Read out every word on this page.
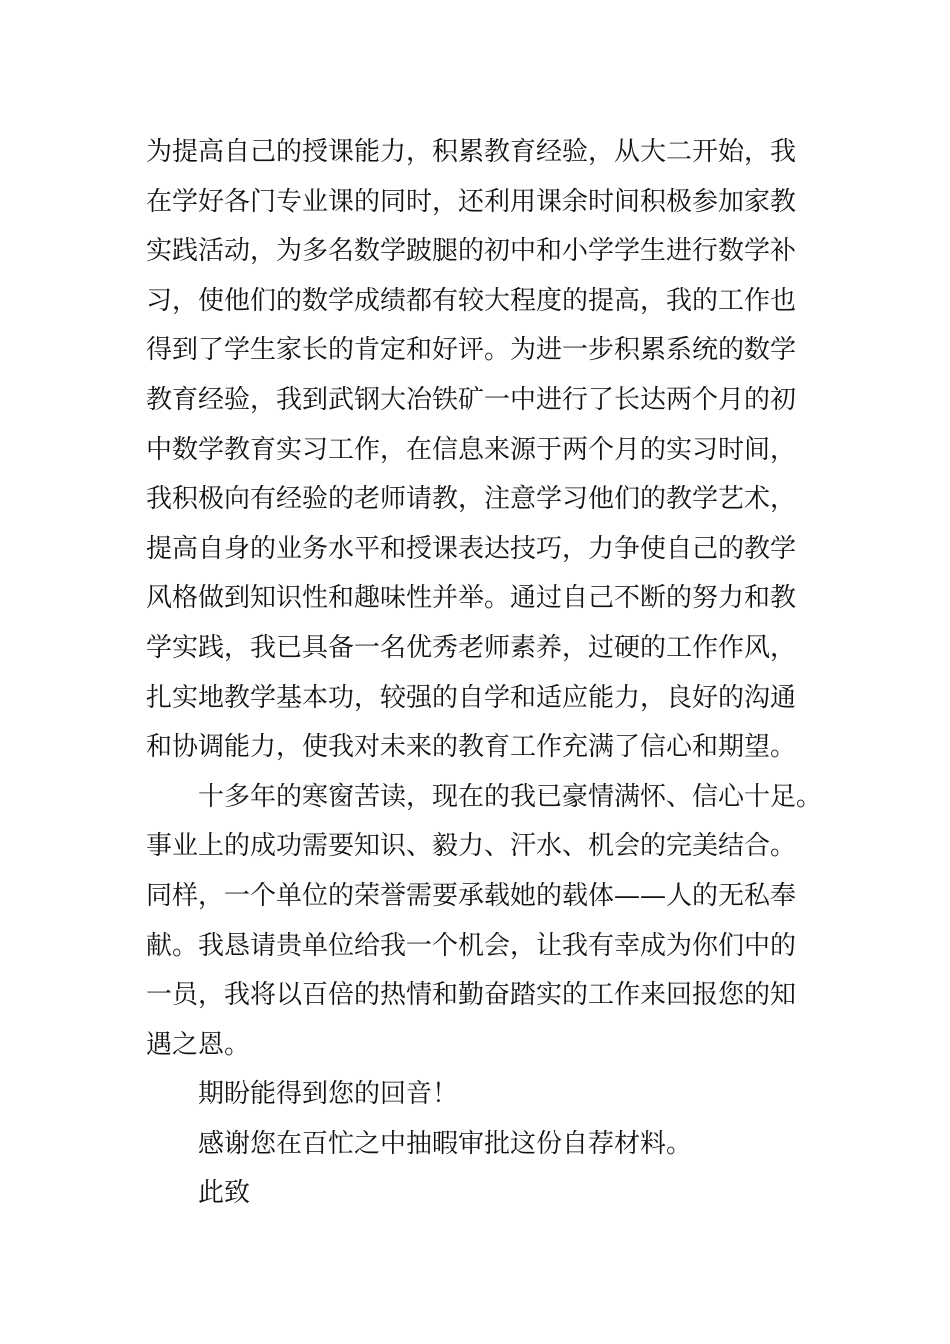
为提高自己的授课能力，积累教育经验，从大二开始，我
在学好各门专业课的同时，还利用课余时间积极参加家教
实践活动，为多名数学跛腿的初中和小学学生进行数学补
习，使他们的数学成绩都有较大程度的提高，我的工作也
得到了学生家长的肯定和好评。为进一步积累系统的数学
教育经验，我到武钢大冶铁矿一中进行了长达两个月的初
中数学教育实习工作，在信息来源于两个月的实习时间，
我积极向有经验的老师请教，注意学习他们的教学艺术，
提高自身的业务水平和授课表达技巧，力争使自己的教学
风格做到知识性和趣味性并举。通过自己不断的努力和教
学实践，我已具备一名优秀老师素养，过硬的工作作风，
扎实地教学基本功，较强的自学和适应能力，良好的沟通
和协调能力，使我对未来的教育工作充满了信心和期望。
十多年的寒窗苦读，现在的我已豪情满怀、信心十足。
事业上的成功需要知识、毅力、汗水、机会的完美结合。
同样，一个单位的荣誉需要承载她的载体——人的无私奉
献。我恳请贵单位给我一个机会，让我有幸成为你们中的
一员，我将以百倍的热情和勤奋踏实的工作来回报您的知
遇之恩。
期盼能得到您的回音！
感谢您在百忙之中抽暇审批这份自荐材料。
此致
